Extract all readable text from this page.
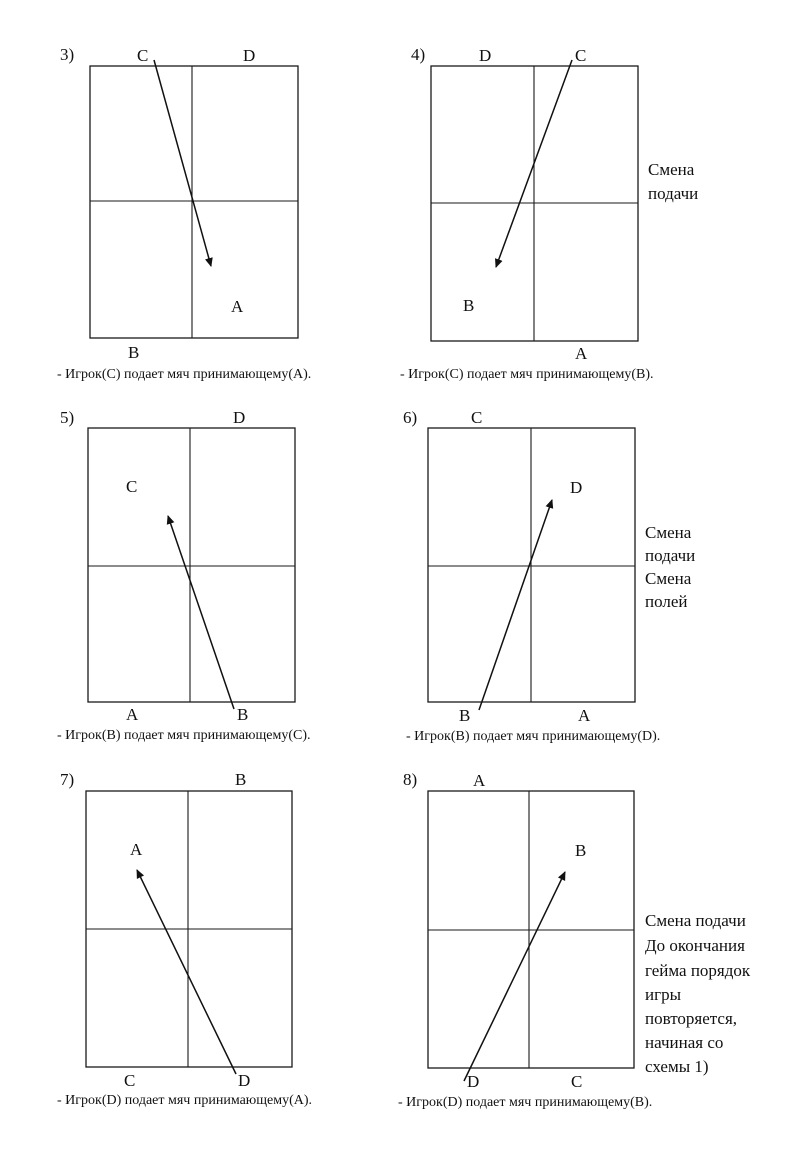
3)	C	D
A
B
- Игрок(C) подает мяч принимающему(A).
4)	D	C
B
A
- Игрок(C) подает мяч принимающему(B).
Смена подачи
5)	D
C
A	B
- Игрок(B) подает мяч принимающему(C).
6)	C
D
B	A
- Игрок(B) подает мяч принимающему(D).
Смена подачи Смена полей
7)	B
A
C	D
- Игрок(D) подает мяч принимающему(A).
8)	A
B
D	C
- Игрок(D) подает мяч принимающему(B).
Смена подачи До окончания гейма порядок игры повторяется, начиная со схемы 1)
